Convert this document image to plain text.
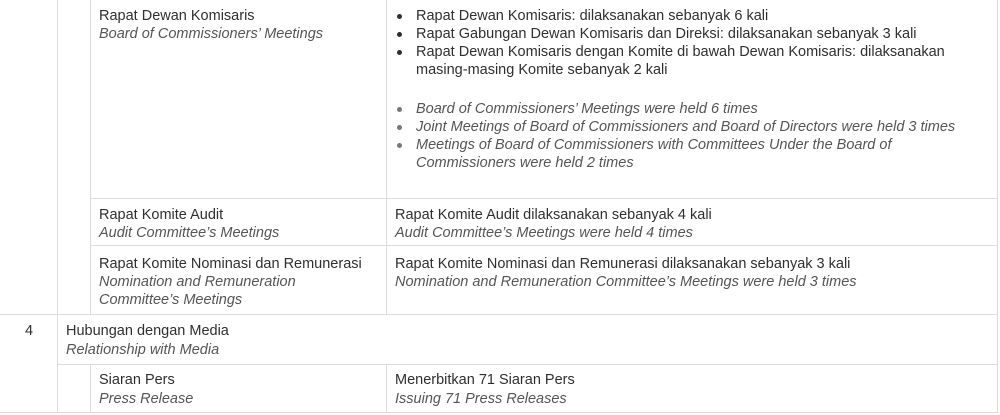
Rapat Dewan Komisaris
Board of Commissioners’ Meetings
Rapat Dewan Komisaris: dilaksanakan sebanyak 6 kali
Rapat Gabungan Dewan Komisaris dan Direksi: dilaksanakan sebanyak 3 kali
Rapat Dewan Komisaris dengan Komite di bawah Dewan Komisaris: dilaksanakan masing-masing Komite sebanyak 2 kali
Board of Commissioners’ Meetings were held 6 times
Joint Meetings of Board of Commissioners and Board of Directors were held 3 times
Meetings of Board of Commissioners with Committees Under the Board of Commissioners were held 2 times
Rapat Komite Audit
Audit Committee’s Meetings
Rapat Komite Audit dilaksanakan sebanyak 4 kali
Audit Committee’s Meetings were held 4 times
Rapat Komite Nominasi dan Remunerasi
Nomination and Remuneration Committee’s Meetings
Rapat Komite Nominasi dan Remunerasi dilaksanakan sebanyak 3 kali
Nomination and Remuneration Committee’s Meetings were held 3 times
4 Hubungan dengan Media
Relationship with Media
Siaran Pers
Press Release
Menerbitkan 71 Siaran Pers
Issuing 71 Press Releases
